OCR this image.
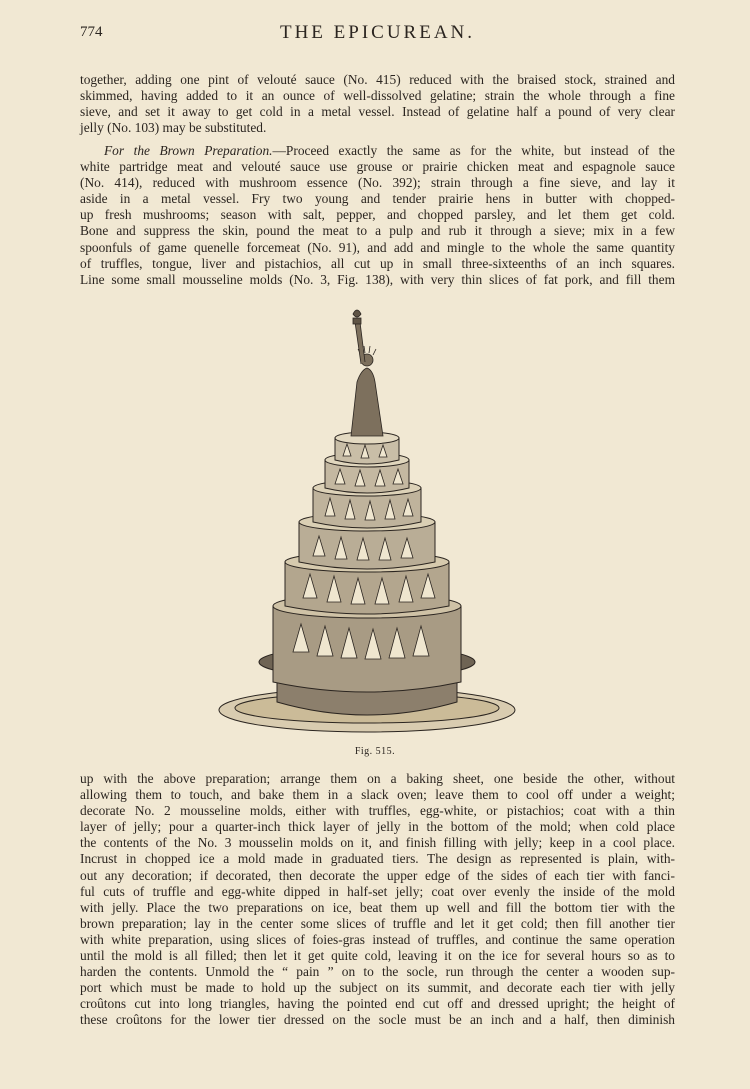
774	THE EPICUREAN.
together, adding one pint of velouté sauce (No. 415) reduced with the braised stock, strained and
skimmed, having added to it an ounce of well-dissolved gelatine; strain the whole through a fine
sieve, and set it away to get cold in a metal vessel. Instead of gelatine half a pound of very clear
jelly (No. 103) may be substituted.
For the Brown Preparation.—Proceed exactly the same as for the white, but instead of the
white partridge meat and velouté sauce use grouse or prairie chicken meat and espagnole sauce
(No. 414), reduced with mushroom essence (No. 392); strain through a fine sieve, and lay it
aside in a metal vessel. Fry two young and tender prairie hens in butter with chopped-
up fresh mushrooms; season with salt, pepper, and chopped parsley, and let them get cold.
Bone and suppress the skin, pound the meat to a pulp and rub it through a sieve; mix in a few
spoonfuls of game quenelle forcemeat (No. 91), and add and mingle to the whole the same quantity
of truffles, tongue, liver and pistachios, all cut up in small three-sixteenths of an inch squares.
Line some small mousseline molds (No. 3, Fig. 138), with very thin slices of fat pork, and fill them
Fig. 515.
up with the above preparation; arrange them on a baking sheet, one beside the other, without
allowing them to touch, and bake them in a slack oven; leave them to cool off under a weight;
decorate No. 2 mousseline molds, either with truffles, egg-white, or pistachios; coat with a thin
layer of jelly; pour a quarter-inch thick layer of jelly in the bottom of the mold; when cold place
the contents of the No. 3 mousselin molds on it, and finish filling with jelly; keep in a cool place.
Incrust in chopped ice a mold made in graduated tiers. The design as represented is plain, with-
out any decoration; if decorated, then decorate the upper edge of the sides of each tier with fanci-
ful cuts of truffle and egg-white dipped in half-set jelly; coat over evenly the inside of the mold
with jelly. Place the two preparations on ice, beat them up well and fill the bottom tier with the
brown preparation; lay in the center some slices of truffle and let it get cold; then fill another tier
with white preparation, using slices of foies-gras instead of truffles, and continue the same operation
until the mold is all filled; then let it get quite cold, leaving it on the ice for several hours so as to
harden the contents. Unmold the “ pain ” on to the socle, run through the center a wooden sup-
port which must be made to hold up the subject on its summit, and decorate each tier with jelly
croûtons cut into long triangles, having the pointed end cut off and dressed upright; the height of
these croûtons for the lower tier dressed on the socle must be an inch and a half, then diminish
